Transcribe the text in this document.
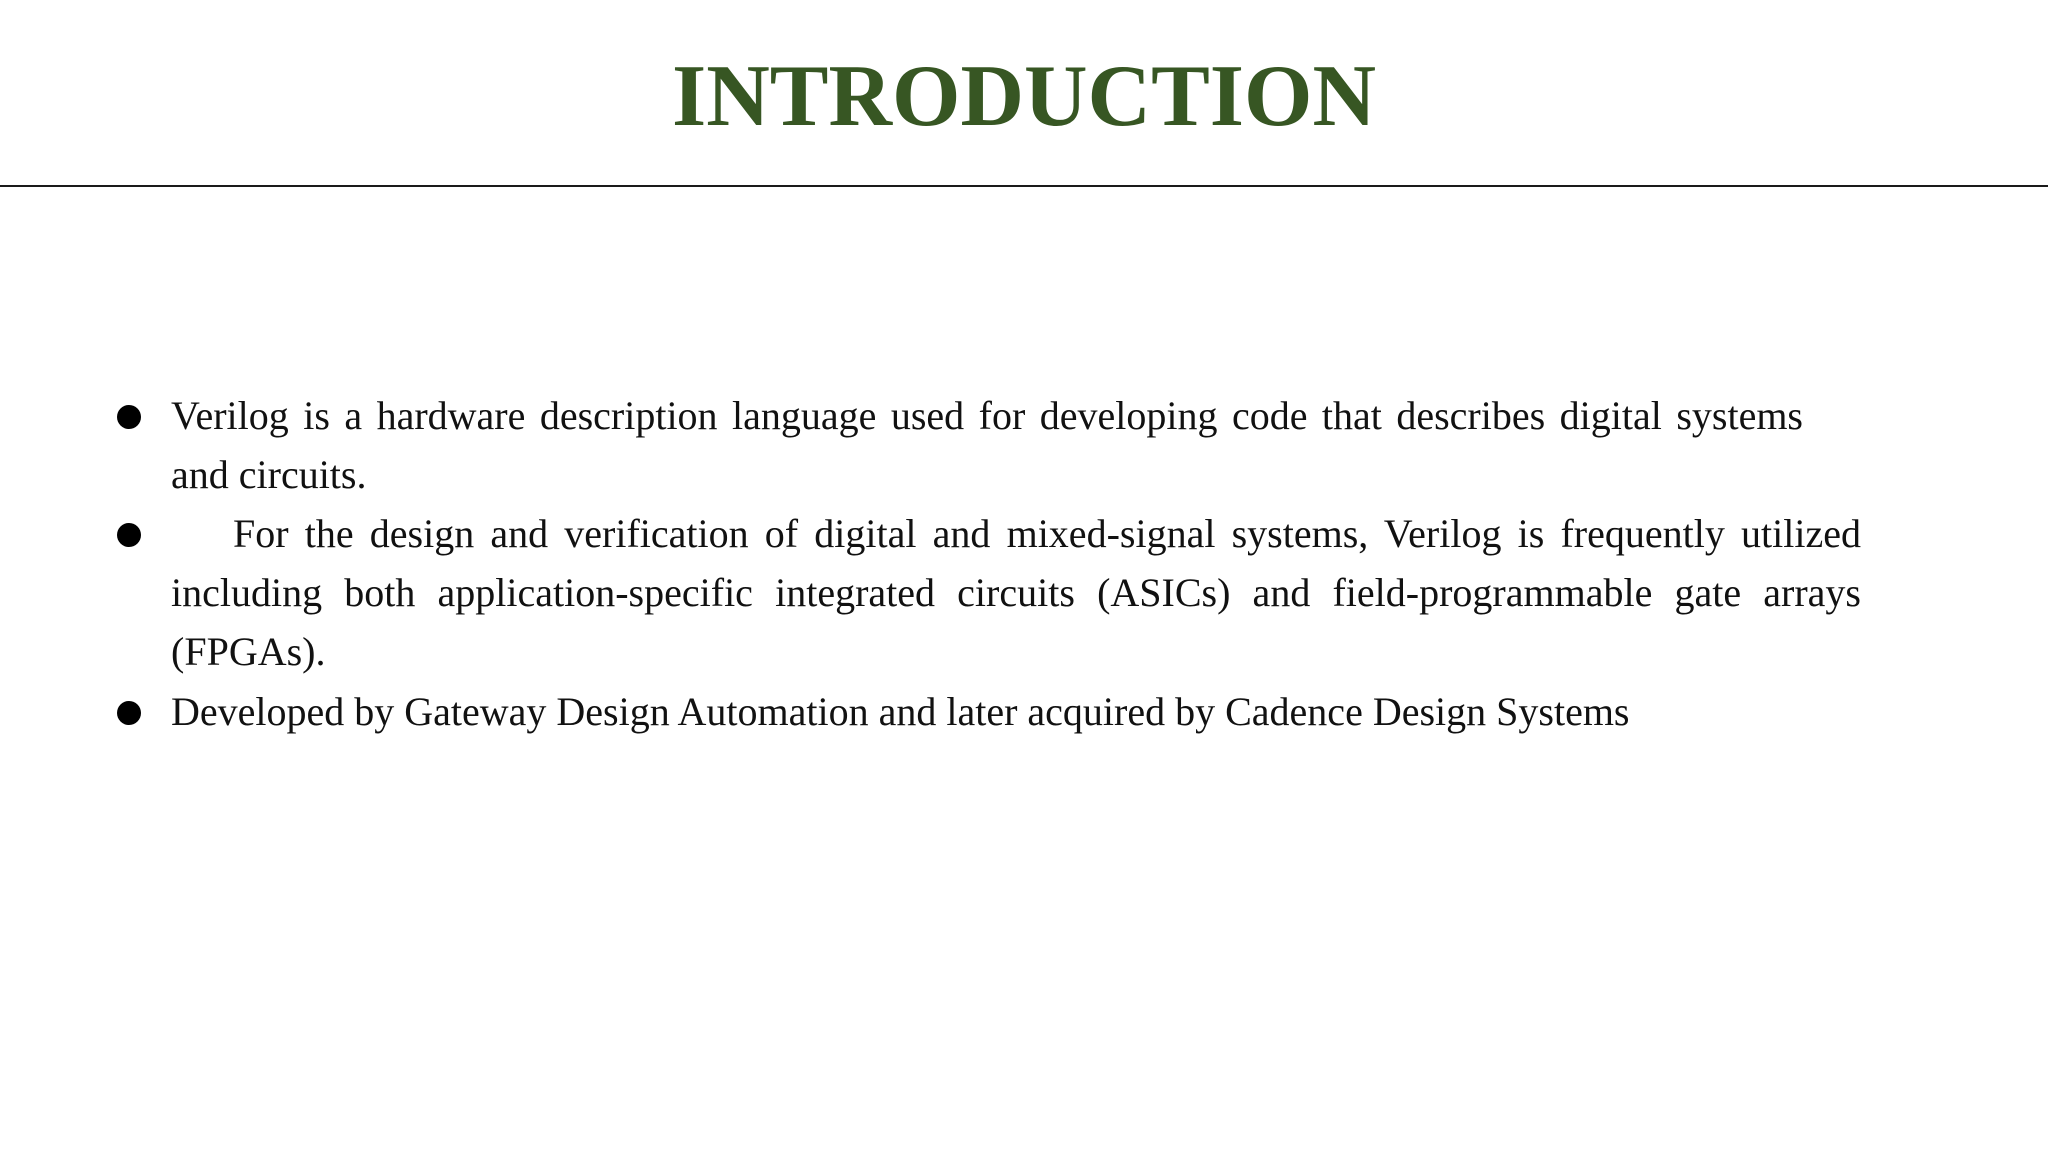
INTRODUCTION
Verilog is a hardware description language used for developing code that describes digital systems and circuits.
For the design and verification of digital and mixed-signal systems, Verilog is frequently utilized including both application-specific integrated circuits (ASICs) and field-programmable gate arrays (FPGAs).
Developed by Gateway Design Automation and later acquired by Cadence Design Systems
